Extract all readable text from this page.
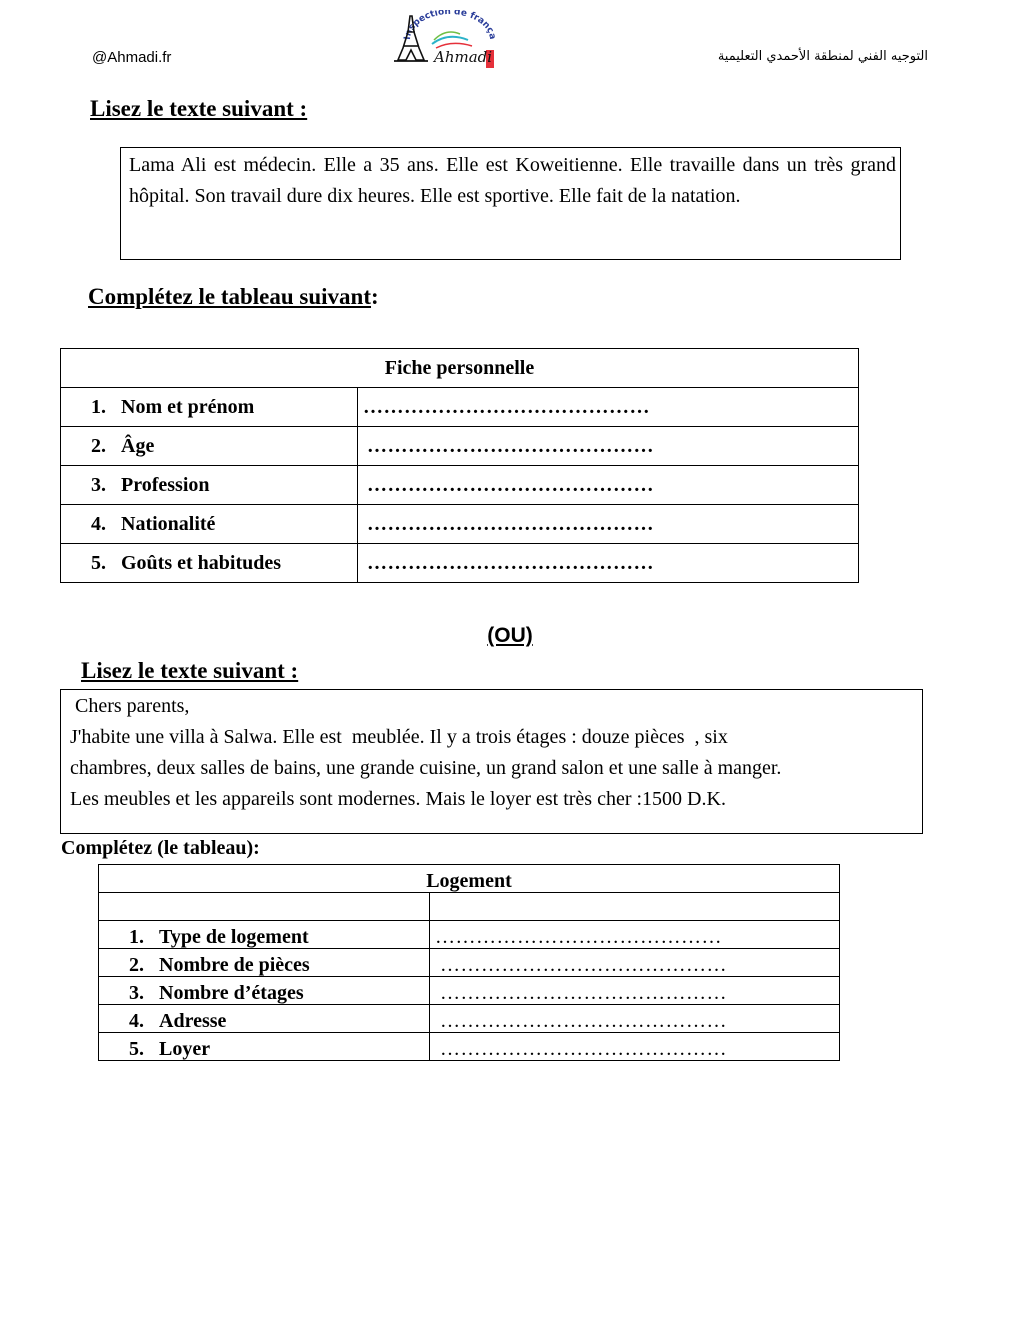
@Ahmadi.fr	التوجيه الفني لمنطقة الأحمدي التعليمية
Inspection de frança
Ahmadi
Lisez le texte suivant :
Lama Ali est médecin. Elle a 35 ans. Elle est Koweitienne. Elle travaille dans un très grand hôpital. Son travail dure dix heures. Elle est sportive. Elle fait de la natation.
Complétez le tableau suivant:
Fiche personnelle	
1. Nom et prénom	……………………………………
2. Âge	……………………………………
3. Profession	……………………………………
4. Nationalité	……………………………………
5. Goûts et habitudes	……………………………………
(OU)
Lisez le texte suivant :
Chers parents,
J'habite une villa à Salwa. Elle est  meublée. Il y a trois étages : douze pièces  , six
chambres, deux salles de bains, une grande cuisine, un grand salon et une salle à manger.
Les meubles et les appareils sont modernes. Mais le loyer est très cher :1500 D.K.
Complétez (le tableau):
Logement	

1. Type de logement	……………………………………
2. Nombre de pièces	……………………………………
3. Nombre d’étages	……………………………………
4. Adresse	……………………………………
5. Loyer	……………………………………
